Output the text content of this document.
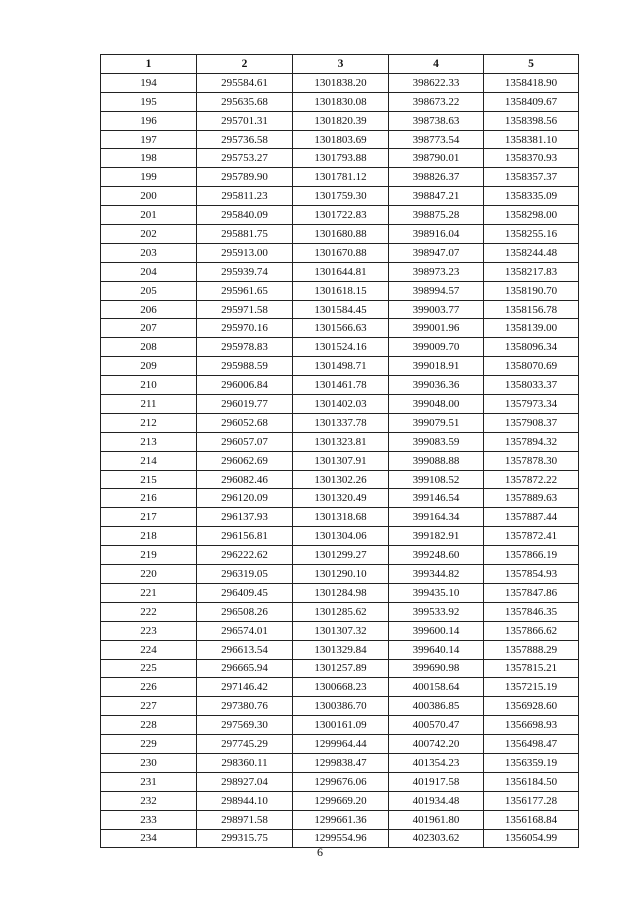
1	2	3	4	5
194	295584.61	1301838.20	398622.33	1358418.90
195	295635.68	1301830.08	398673.22	1358409.67
196	295701.31	1301820.39	398738.63	1358398.56
197	295736.58	1301803.69	398773.54	1358381.10
198	295753.27	1301793.88	398790.01	1358370.93
199	295789.90	1301781.12	398826.37	1358357.37
200	295811.23	1301759.30	398847.21	1358335.09
201	295840.09	1301722.83	398875.28	1358298.00
202	295881.75	1301680.88	398916.04	1358255.16
203	295913.00	1301670.88	398947.07	1358244.48
204	295939.74	1301644.81	398973.23	1358217.83
205	295961.65	1301618.15	398994.57	1358190.70
206	295971.58	1301584.45	399003.77	1358156.78
207	295970.16	1301566.63	399001.96	1358139.00
208	295978.83	1301524.16	399009.70	1358096.34
209	295988.59	1301498.71	399018.91	1358070.69
210	296006.84	1301461.78	399036.36	1358033.37
211	296019.77	1301402.03	399048.00	1357973.34
212	296052.68	1301337.78	399079.51	1357908.37
213	296057.07	1301323.81	399083.59	1357894.32
214	296062.69	1301307.91	399088.88	1357878.30
215	296082.46	1301302.26	399108.52	1357872.22
216	296120.09	1301320.49	399146.54	1357889.63
217	296137.93	1301318.68	399164.34	1357887.44
218	296156.81	1301304.06	399182.91	1357872.41
219	296222.62	1301299.27	399248.60	1357866.19
220	296319.05	1301290.10	399344.82	1357854.93
221	296409.45	1301284.98	399435.10	1357847.86
222	296508.26	1301285.62	399533.92	1357846.35
223	296574.01	1301307.32	399600.14	1357866.62
224	296613.54	1301329.84	399640.14	1357888.29
225	296665.94	1301257.89	399690.98	1357815.21
226	297146.42	1300668.23	400158.64	1357215.19
227	297380.76	1300386.70	400386.85	1356928.60
228	297569.30	1300161.09	400570.47	1356698.93
229	297745.29	1299964.44	400742.20	1356498.47
230	298360.11	1299838.47	401354.23	1356359.19
231	298927.04	1299676.06	401917.58	1356184.50
232	298944.10	1299669.20	401934.48	1356177.28
233	298971.58	1299661.36	401961.80	1356168.84
234	299315.75	1299554.96	402303.62	1356054.99
6
